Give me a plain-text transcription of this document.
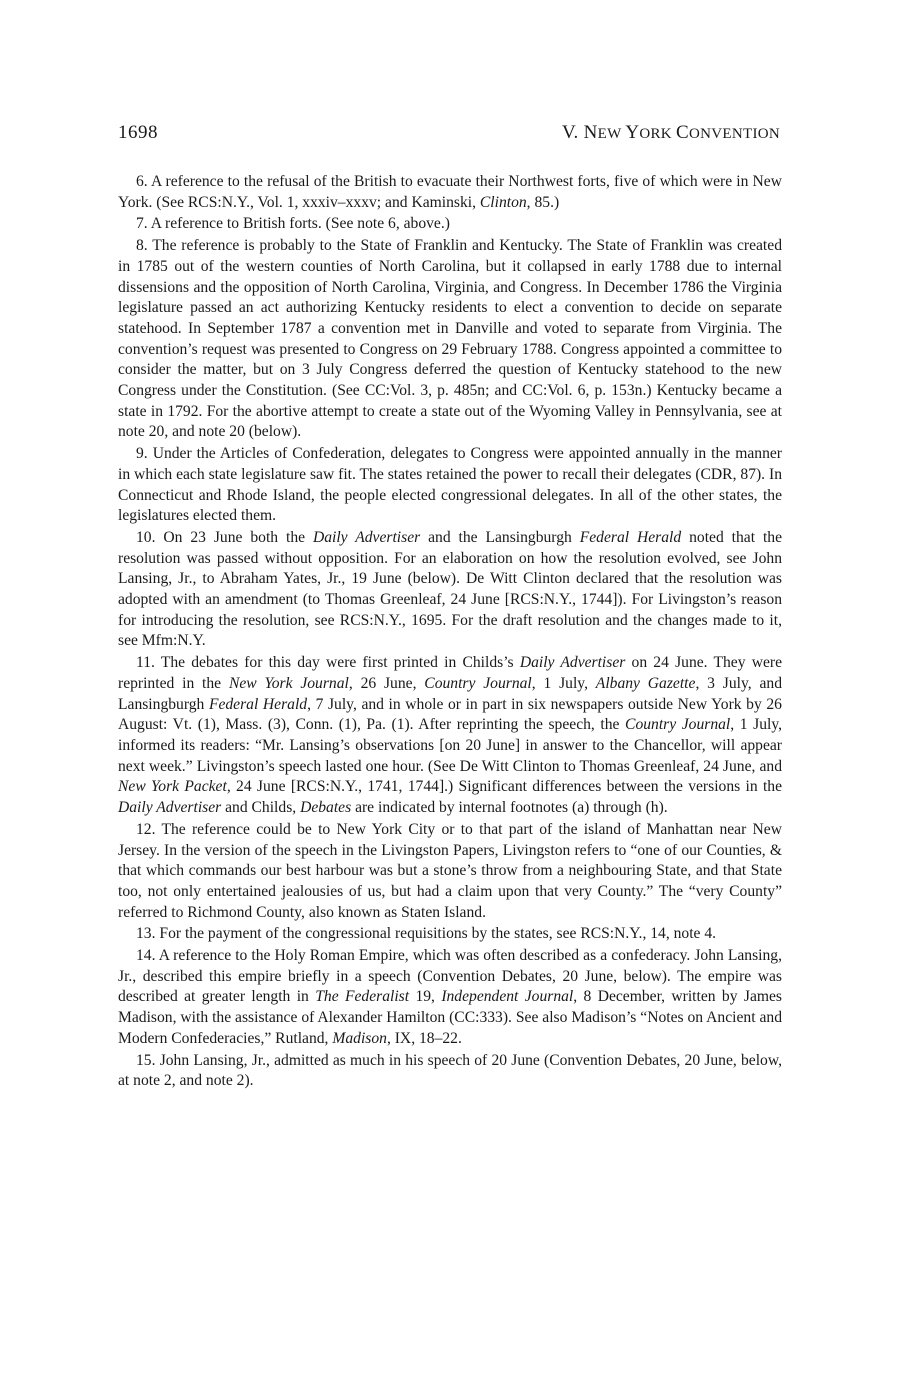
1698	V. NEW YORK CONVENTION

6. A reference to the refusal of the British to evacuate their Northwest forts, five of which were in New York. (See RCS:N.Y., Vol. 1, xxxiv–xxxv; and Kaminski, Clinton, 85.)

7. A reference to British forts. (See note 6, above.)

8. The reference is probably to the State of Franklin and Kentucky. The State of Franklin was created in 1785 out of the western counties of North Carolina, but it collapsed in early 1788 due to internal dissensions and the opposition of North Carolina, Virginia, and Congress. In December 1786 the Virginia legislature passed an act authorizing Kentucky residents to elect a convention to decide on separate statehood. In September 1787 a convention met in Danville and voted to separate from Virginia. The convention’s request was presented to Congress on 29 February 1788. Congress appointed a committee to consider the matter, but on 3 July Congress deferred the question of Kentucky statehood to the new Congress under the Constitution. (See CC:Vol. 3, p. 485n; and CC:Vol. 6, p. 153n.) Kentucky became a state in 1792. For the abortive attempt to create a state out of the Wyoming Valley in Pennsylvania, see at note 20, and note 20 (below).

9. Under the Articles of Confederation, delegates to Congress were appointed annually in the manner in which each state legislature saw fit. The states retained the power to recall their delegates (CDR, 87). In Connecticut and Rhode Island, the people elected congressional delegates. In all of the other states, the legislatures elected them.

10. On 23 June both the Daily Advertiser and the Lansingburgh Federal Herald noted that the resolution was passed without opposition. For an elaboration on how the resolution evolved, see John Lansing, Jr., to Abraham Yates, Jr., 19 June (below). De Witt Clinton declared that the resolution was adopted with an amendment (to Thomas Greenleaf, 24 June [RCS:N.Y., 1744]). For Livingston’s reason for introducing the resolution, see RCS:N.Y., 1695. For the draft resolution and the changes made to it, see Mfm:N.Y.

11. The debates for this day were first printed in Childs’s Daily Advertiser on 24 June. They were reprinted in the New York Journal, 26 June, Country Journal, 1 July, Albany Gazette, 3 July, and Lansingburgh Federal Herald, 7 July, and in whole or in part in six newspapers outside New York by 26 August: Vt. (1), Mass. (3), Conn. (1), Pa. (1). After reprinting the speech, the Country Journal, 1 July, informed its readers: “Mr. Lansing’s observations [on 20 June] in answer to the Chancellor, will appear next week.” Livingston’s speech lasted one hour. (See De Witt Clinton to Thomas Greenleaf, 24 June, and New York Packet, 24 June [RCS:N.Y., 1741, 1744].) Significant differences between the versions in the Daily Advertiser and Childs, Debates are indicated by internal footnotes (a) through (h).

12. The reference could be to New York City or to that part of the island of Manhattan near New Jersey. In the version of the speech in the Livingston Papers, Livingston refers to “one of our Counties, & that which commands our best harbour was but a stone’s throw from a neighbouring State, and that State too, not only entertained jealousies of us, but had a claim upon that very County.” The “very County” referred to Richmond County, also known as Staten Island.

13. For the payment of the congressional requisitions by the states, see RCS:N.Y., 14, note 4.

14. A reference to the Holy Roman Empire, which was often described as a confederacy. John Lansing, Jr., described this empire briefly in a speech (Convention Debates, 20 June, below). The empire was described at greater length in The Federalist 19, Independent Journal, 8 December, written by James Madison, with the assistance of Alexander Hamilton (CC:333). See also Madison’s “Notes on Ancient and Modern Confederacies,” Rutland, Madison, IX, 18–22.

15. John Lansing, Jr., admitted as much in his speech of 20 June (Convention Debates, 20 June, below, at note 2, and note 2).
